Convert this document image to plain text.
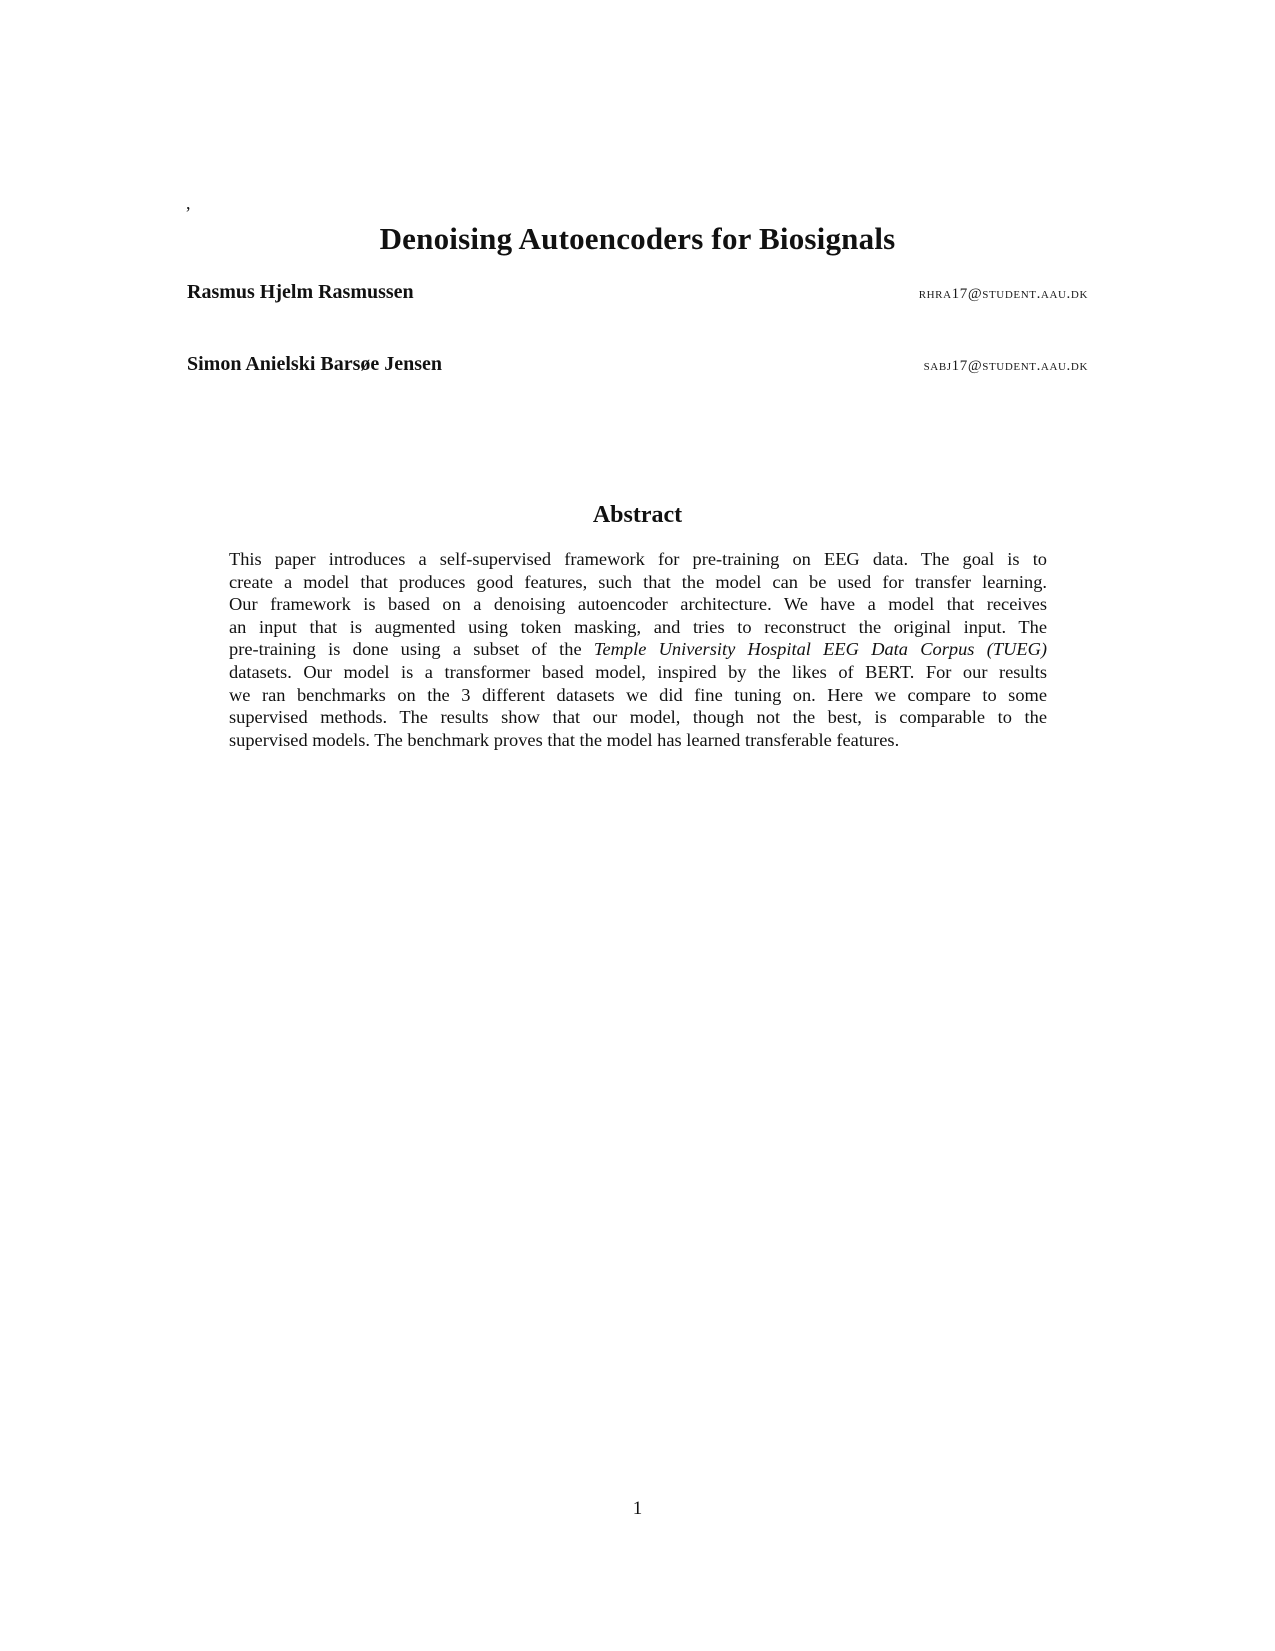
,
Denoising Autoencoders for Biosignals
Rasmus Hjelm Rasmussen	rhra17@student.aau.dk
Simon Anielski Barsøe Jensen	sabj17@student.aau.dk
Abstract
This paper introduces a self-supervised framework for pre-training on EEG data. The goal is to
create a model that produces good features, such that the model can be used for transfer learning.
Our framework is based on a denoising autoencoder architecture. We have a model that receives
an input that is augmented using token masking, and tries to reconstruct the original input. The
pre-training is done using a subset of the Temple University Hospital EEG Data Corpus (TUEG)
datasets. Our model is a transformer based model, inspired by the likes of BERT. For our results
we ran benchmarks on the 3 different datasets we did fine tuning on. Here we compare to some
supervised methods. The results show that our model, though not the best, is comparable to the
supervised models. The benchmark proves that the model has learned transferable features.
1
